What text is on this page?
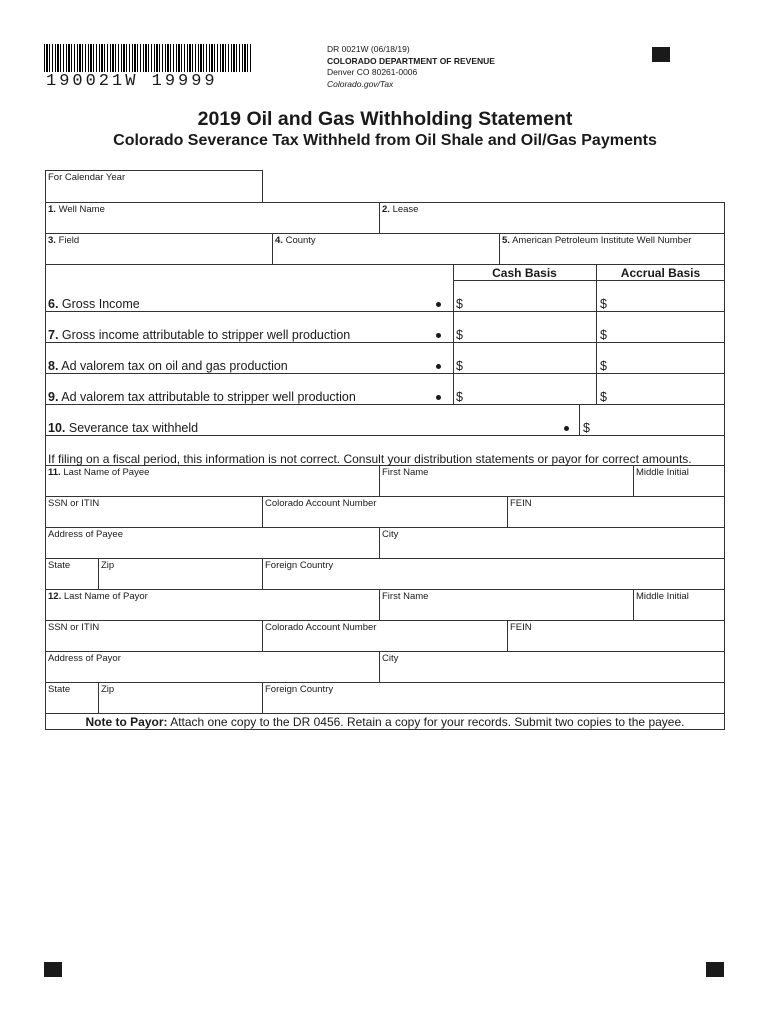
190021W 19999
DR 0021W (06/18/19)
COLORADO DEPARTMENT OF REVENUE
Denver CO 80261-0006
Colorado.gov/Tax
2019 Oil and Gas Withholding Statement
Colorado Severance Tax Withheld from Oil Shale and Oil/Gas Payments
For Calendar Year
1. Well Name	2. Lease
3. Field	4. County	5. American Petroleum Institute Well Number
Cash Basis	Accrual Basis
6. Gross Income	$	$
7. Gross income attributable to stripper well production	$	$
8. Ad valorem tax on oil and gas production	$	$
9. Ad valorem tax attributable to stripper well production	$	$
10. Severance tax withheld	$
If filing on a fiscal period, this information is not correct. Consult your distribution statements or payor for correct amounts.
11. Last Name of Payee	First Name	Middle Initial
SSN or ITIN	Colorado Account Number	FEIN
Address of Payee	City
State	Zip	Foreign Country
12. Last Name of Payor	First Name	Middle Initial
SSN or ITIN	Colorado Account Number	FEIN
Address of Payor	City
State	Zip	Foreign Country
Note to Payor: Attach one copy to the DR 0456. Retain a copy for your records. Submit two copies to the payee.
